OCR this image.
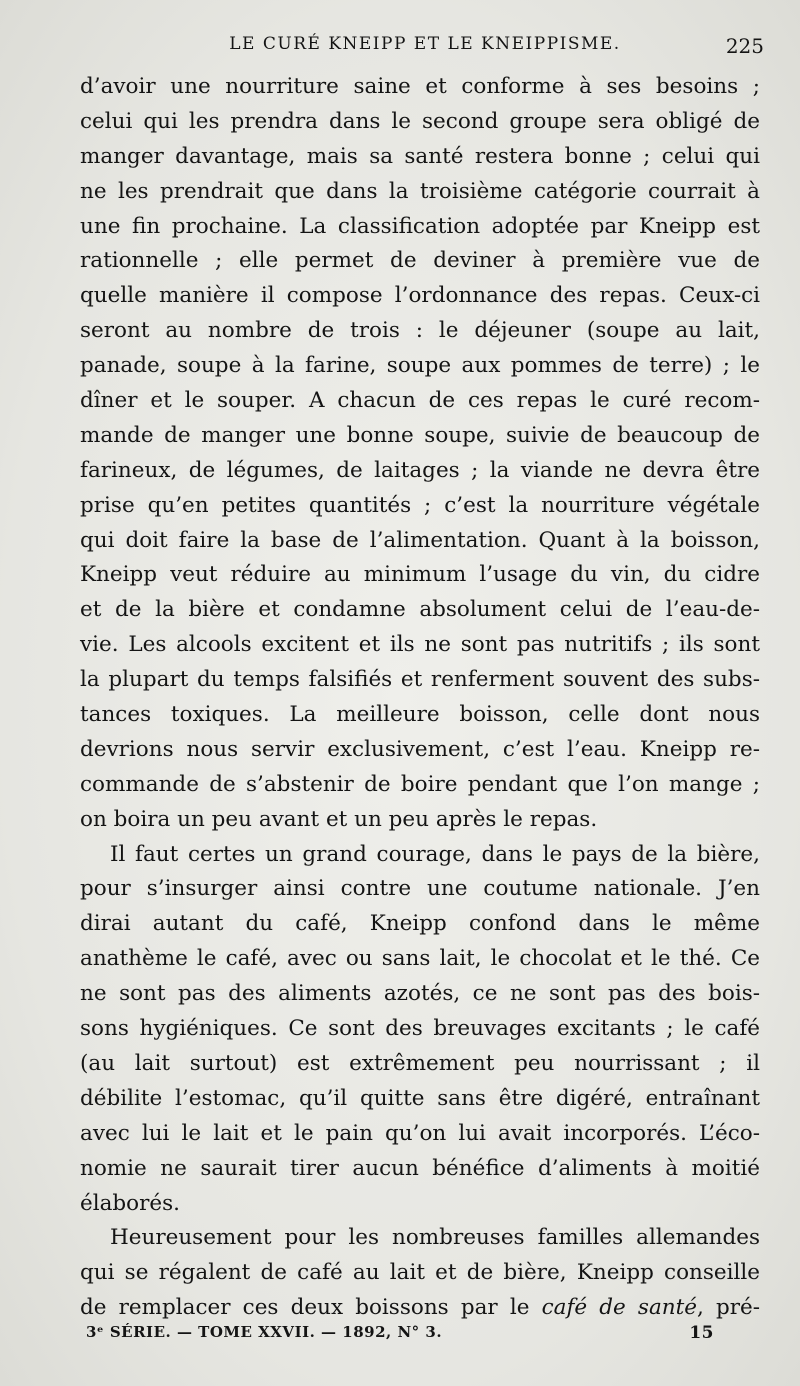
LE CURÉ KNEIPP ET LE KNEIPPISME.	225
d’avoir une nourriture saine et conforme à ses besoins ;
celui qui les prendra dans le second groupe sera obligé de
manger davantage, mais sa santé restera bonne ; celui qui
ne les prendrait que dans la troisième catégorie courrait à
une fin prochaine. La classification adoptée par Kneipp est
rationnelle ; elle permet de deviner à première vue de
quelle manière il compose l’ordonnance des repas. Ceux-ci
seront au nombre de trois : le déjeuner (soupe au lait,
panade, soupe à la farine, soupe aux pommes de terre) ; le
dîner et le souper. A chacun de ces repas le curé recom-
mande de manger une bonne soupe, suivie de beaucoup de
farineux, de légumes, de laitages ; la viande ne devra être
prise qu’en petites quantités ; c’est la nourriture végétale
qui doit faire la base de l’alimentation. Quant à la boisson,
Kneipp veut réduire au minimum l’usage du vin, du cidre
et de la bière et condamne absolument celui de l’eau-de-
vie. Les alcools excitent et ils ne sont pas nutritifs ; ils sont
la plupart du temps falsifiés et renferment souvent des subs-
tances toxiques. La meilleure boisson, celle dont nous
devrions nous servir exclusivement, c’est l’eau. Kneipp re-
commande de s’abstenir de boire pendant que l’on mange ;
on boira un peu avant et un peu après le repas.
Il faut certes un grand courage, dans le pays de la bière,
pour s’insurger ainsi contre une coutume nationale. J’en
dirai autant du café, Kneipp confond dans le même
anathème le café, avec ou sans lait, le chocolat et le thé. Ce
ne sont pas des aliments azotés, ce ne sont pas des bois-
sons hygiéniques. Ce sont des breuvages excitants ; le café
(au lait surtout) est extrêmement peu nourrissant ; il
débilite l’estomac, qu’il quitte sans être digéré, entraînant
avec lui le lait et le pain qu’on lui avait incorporés. L’éco-
nomie ne saurait tirer aucun bénéfice d’aliments à moitié
élaborés.
Heureusement pour les nombreuses familles allemandes
qui se régalent de café au lait et de bière, Kneipp conseille
de remplacer ces deux boissons par le café de santé, pré-
3ᵉ SÉRIE. — TOME XXVII. — 1892, N° 3.	15
